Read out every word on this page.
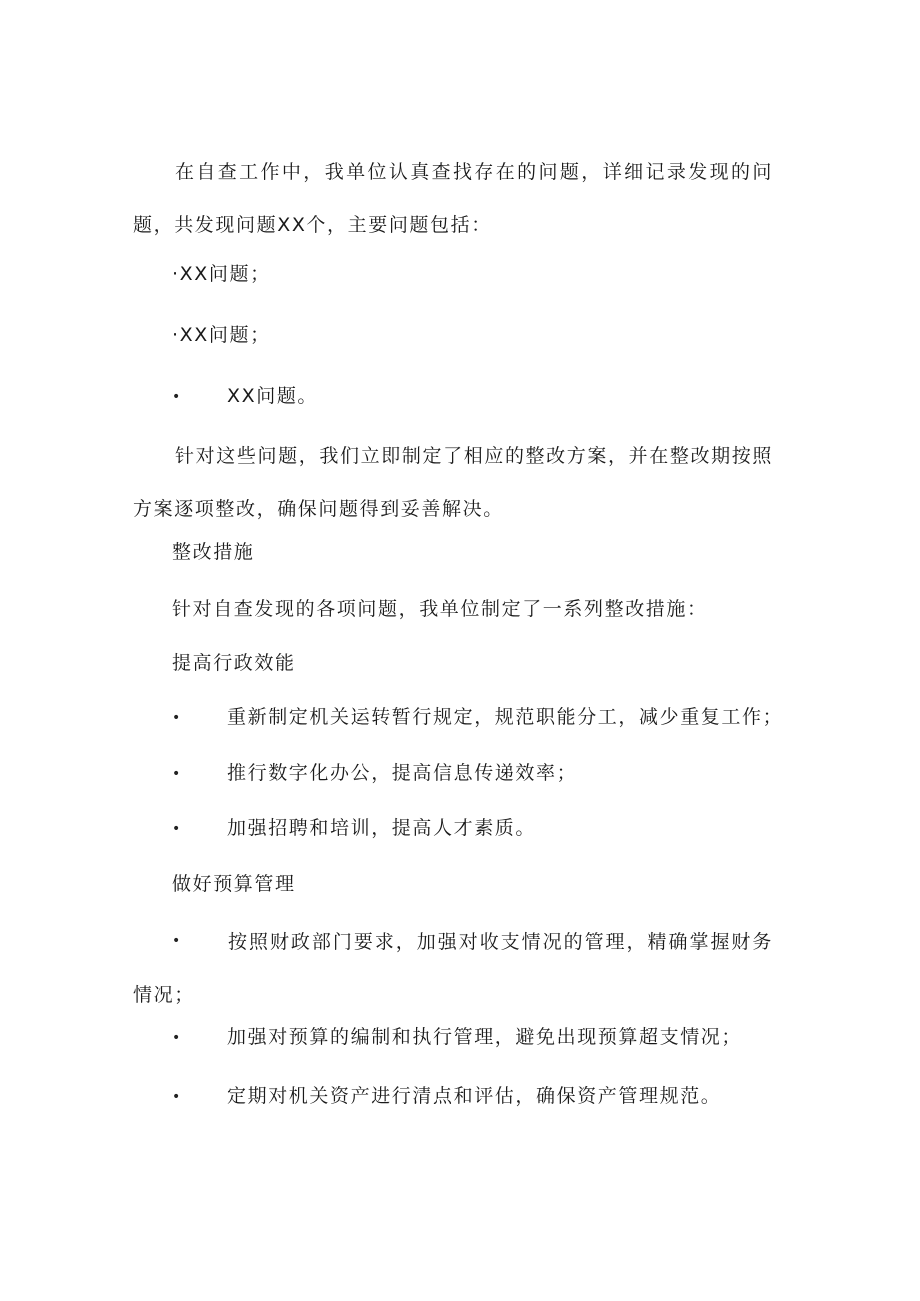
在自查工作中，我单位认真查找存在的问题，详细记录发现的问题，共发现问题XX个，主要问题包括：
·XX问题；
·XX问题；
• XX问题。
针对这些问题，我们立即制定了相应的整改方案，并在整改期按照方案逐项整改，确保问题得到妥善解决。
整改措施
针对自查发现的各项问题，我单位制定了一系列整改措施：
提高行政效能
• 重新制定机关运转暂行规定，规范职能分工，减少重复工作；
• 推行数字化办公，提高信息传递效率；
• 加强招聘和培训，提高人才素质。
做好预算管理
•	按照财政部门要求，加强对收支情况的管理，精确掌握财务情况；
• 加强对预算的编制和执行管理，避免出现预算超支情况；
• 定期对机关资产进行清点和评估，确保资产管理规范。
